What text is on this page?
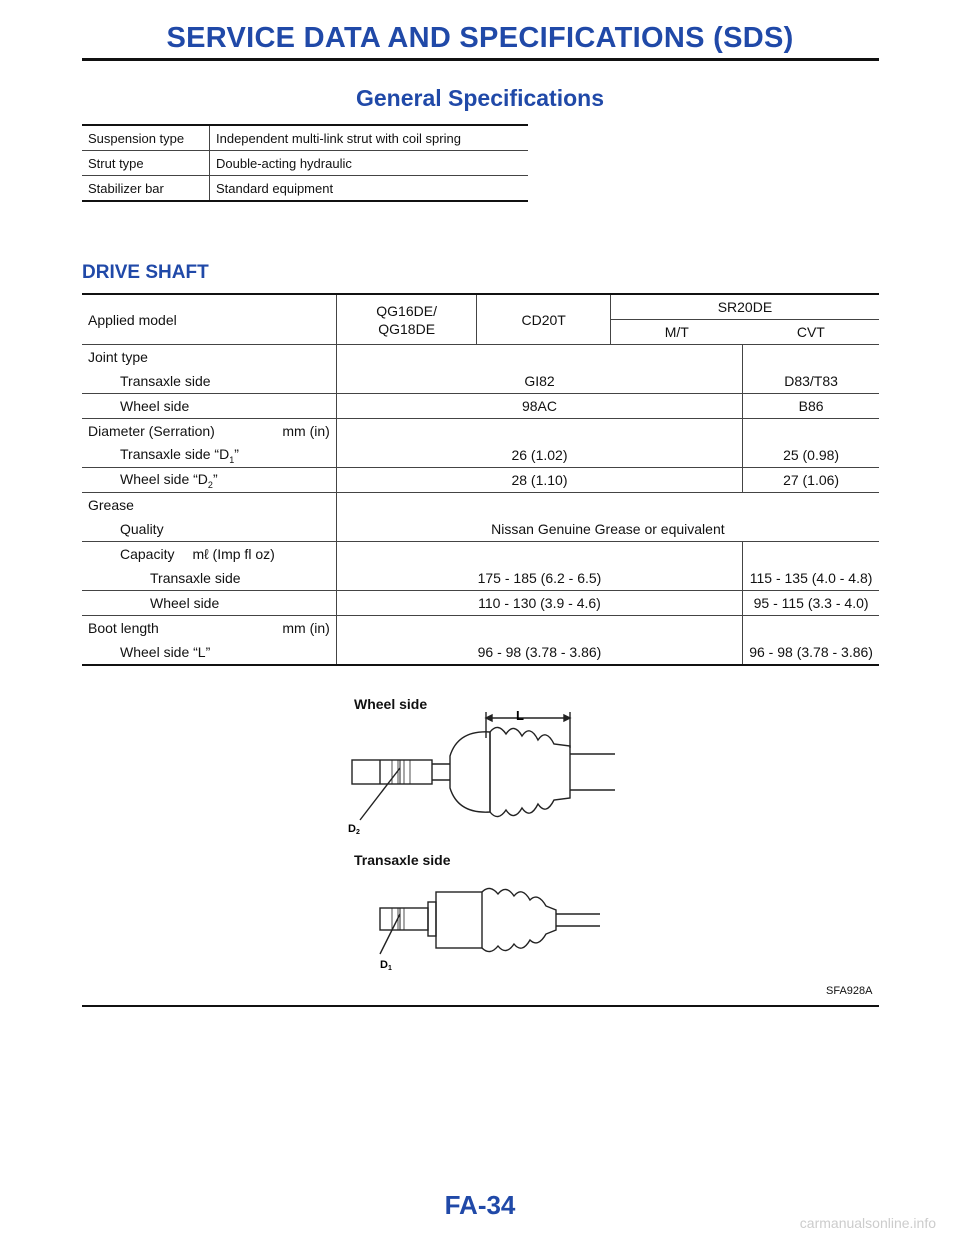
SERVICE DATA AND SPECIFICATIONS (SDS)
General Specifications
Suspension type	Independent multi-link strut with coil spring
Strut type	Double-acting hydraulic
Stabilizer bar	Standard equipment
DRIVE SHAFT
Applied model	QG16DE/ QG18DE	CD20T	SR20DE	
			M/T	CVT
Joint type				
Transaxle side	GI82			D83/T83
Wheel side	98AC			B86
Diameter (Serration) mm (in)				

Transaxle side “$D_1$”	26 (1.02)			25 (0.98)
Wheel side “$D_2$”	28 (1.10)			27 (1.06)
Grease				
Quality	Nissan Genuine Grease or equivalent			
Capacity mℓ (Imp fl oz)				
Transaxle side	175 - 185 (6.2 - 6.5)			115 - 135 (4.0 - 4.8)
Wheel side	110 - 130 (3.9 - 4.6)			95 - 115 (3.3 - 4.0)
Boot length mm (in)				

Wheel side “L”	96 - 98 (3.78 - 3.86)			96 - 98 (3.78 - 3.86)
Wheel side
L
D2
Transaxle side
D1
SFA928A
FA-34
carmanualsonline.info
